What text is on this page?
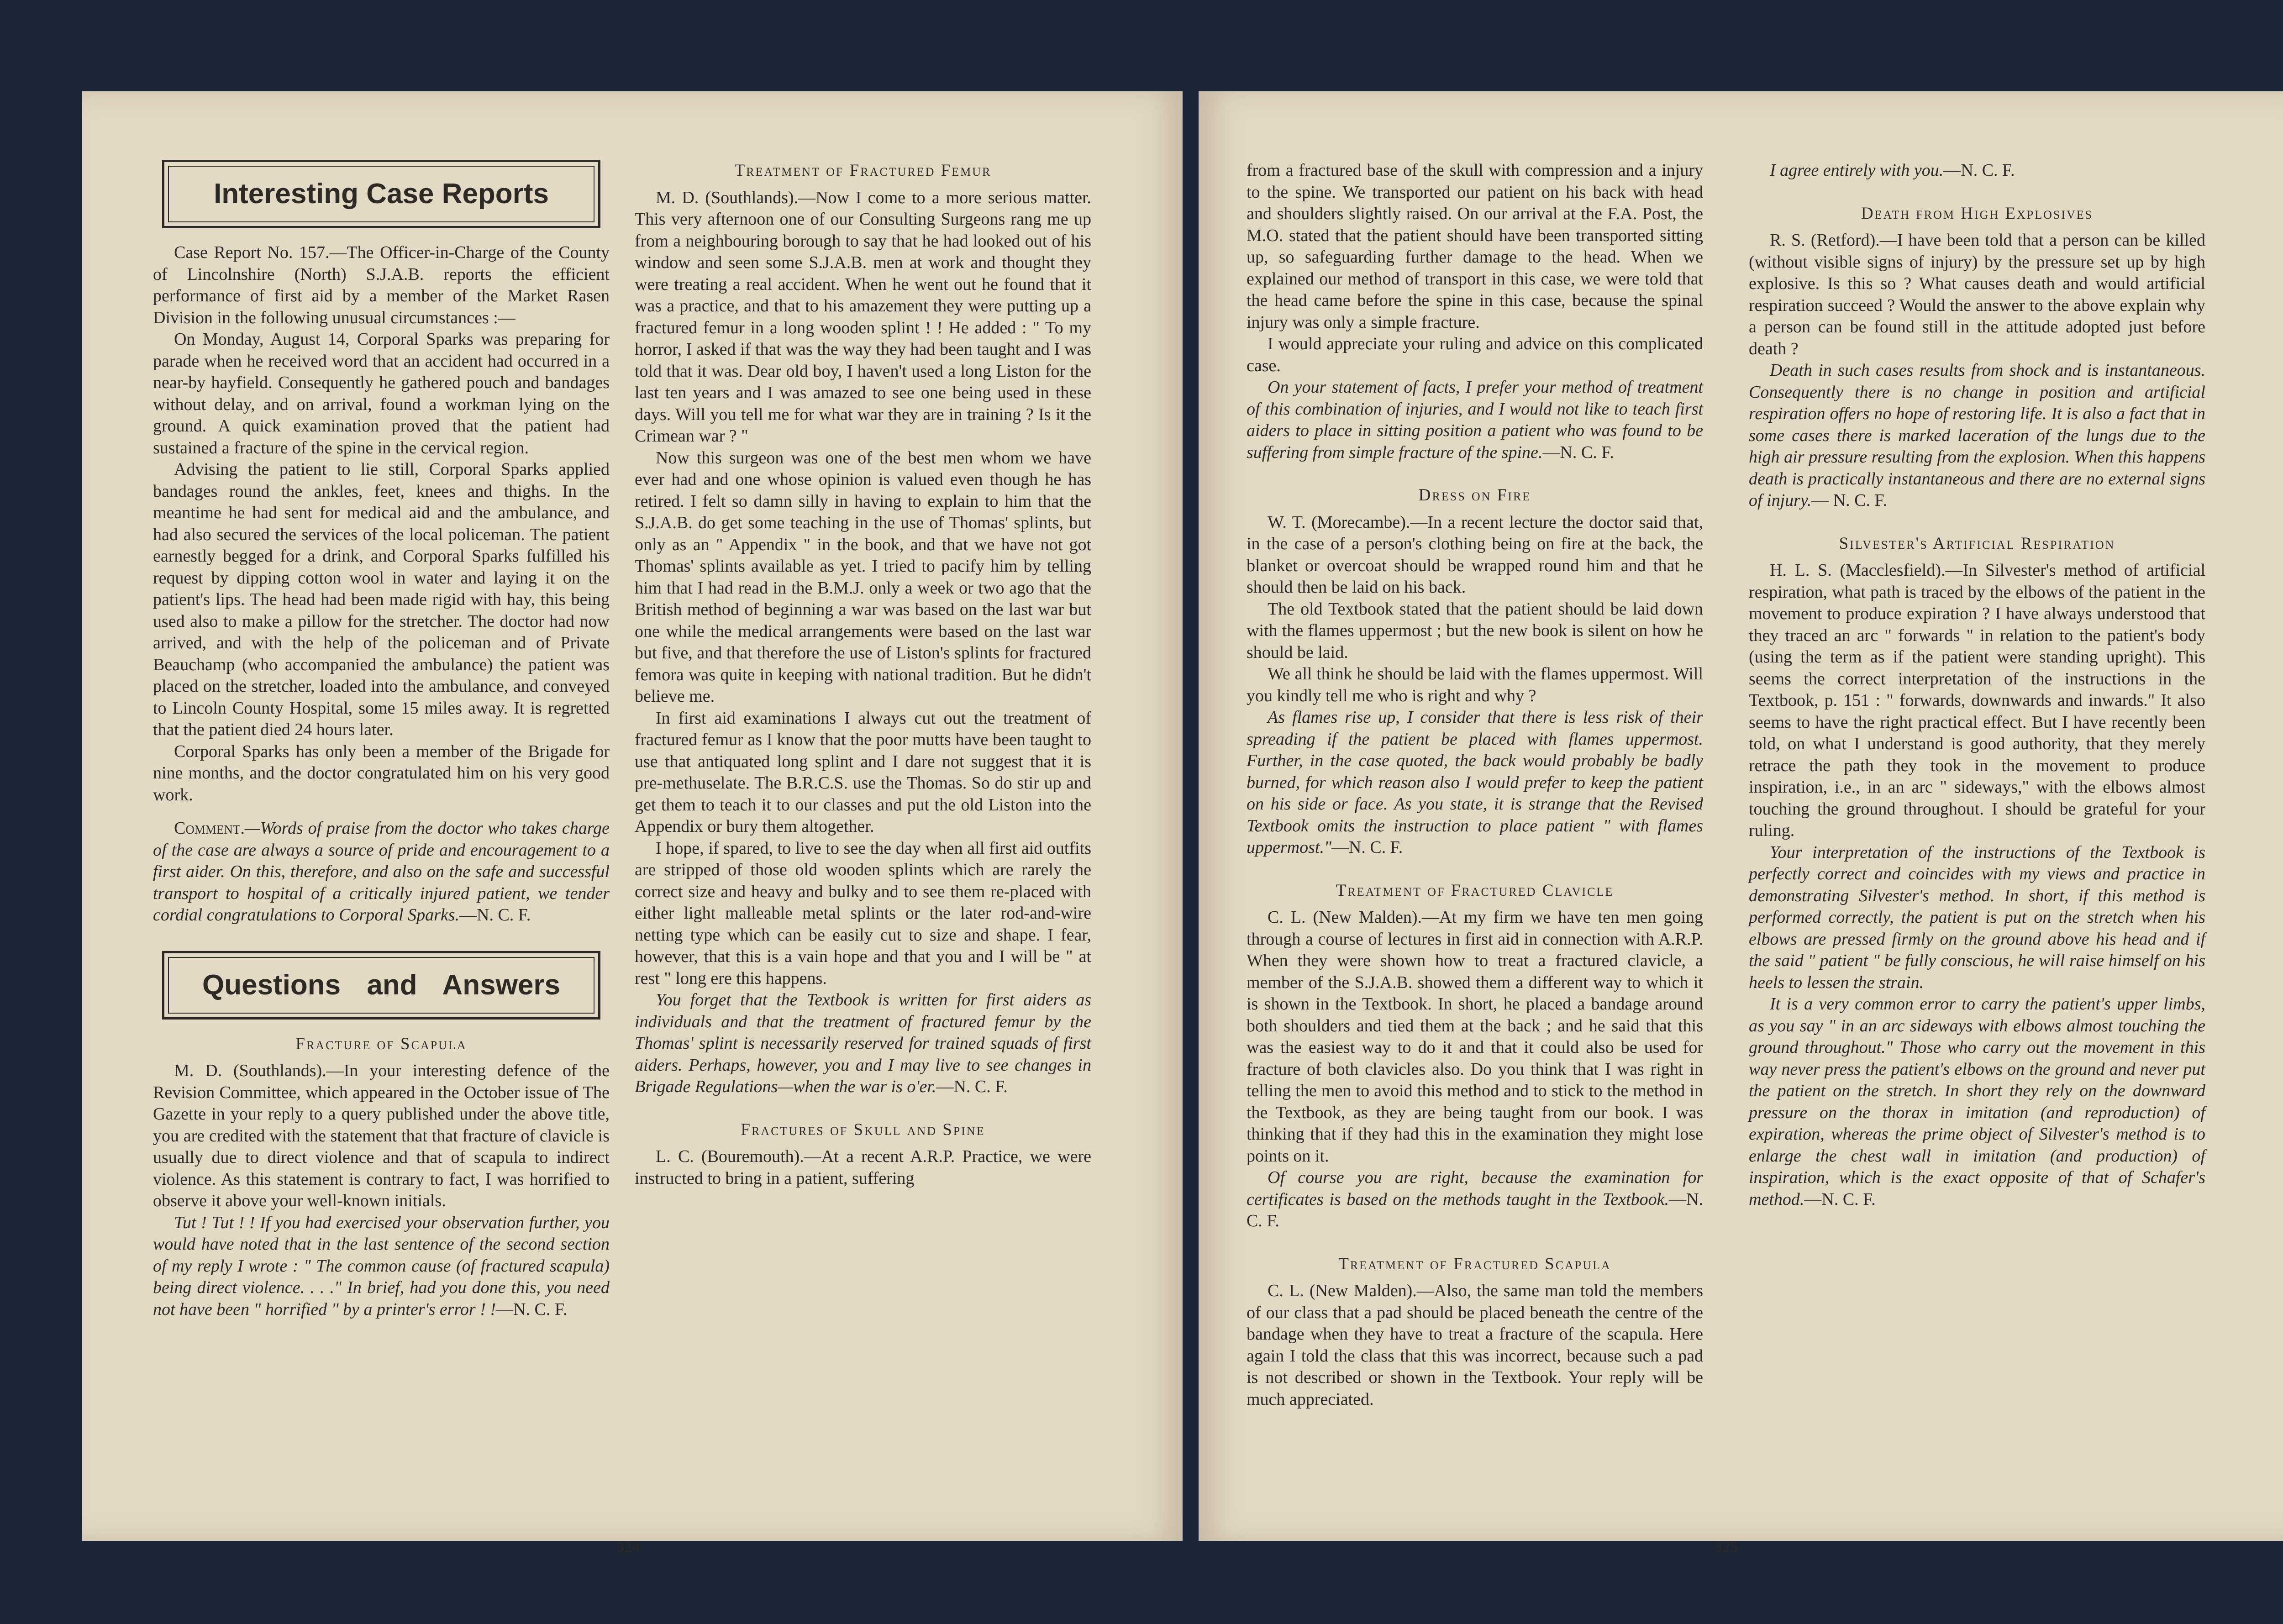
Interesting Case Reports

Case Report No. 157.—The Officer-in-Charge of the County of Lincolnshire (North) S.J.A.B. reports the efficient performance of first aid by a member of the Market Rasen Division in the following unusual circumstances :—

On Monday, August 14, Corporal Sparks was preparing for parade when he received word that an accident had occurred in a near-by hayfield. Consequently he gathered pouch and bandages without delay, and on arrival, found a workman lying on the ground. A quick examination proved that the patient had sustained a fracture of the spine in the cervical region.

Advising the patient to lie still, Corporal Sparks applied bandages round the ankles, feet, knees and thighs. In the meantime he had sent for medical aid and the ambulance, and had also secured the services of the local policeman. The patient earnestly begged for a drink, and Corporal Sparks fulfilled his request by dipping cotton wool in water and laying it on the patient's lips. The head had been made rigid with hay, this being used also to make a pillow for the stretcher. The doctor had now arrived, and with the help of the policeman and of Private Beauchamp (who accompanied the ambulance) the patient was placed on the stretcher, loaded into the ambulance, and conveyed to Lincoln County Hospital, some 15 miles away. It is regretted that the patient died 24 hours later.

Corporal Sparks has only been a member of the Brigade for nine months, and the doctor congratulated him on his very good work.

Comment.—Words of praise from the doctor who takes charge of the case are always a source of pride and encouragement to a first aider. On this, therefore, and also on the safe and successful transport to hospital of a critically injured patient, we tender cordial congratulations to Corporal Sparks.—N. C. F.

Questions and Answers

Fracture of Scapula

M. D. (Southlands).—In your interesting defence of the Revision Committee, which appeared in the October issue of The Gazette in your reply to a query published under the above title, you are credited with the statement that that fracture of clavicle is usually due to direct violence and that of scapula to indirect violence. As this statement is contrary to fact, I was horrified to observe it above your well-known initials.

Tut ! Tut ! ! If you had exercised your observation further, you would have noted that in the last sentence of the second section of my reply I wrote : " The common cause (of fractured scapula) being direct violence. . . ." In brief, had you done this, you need not have been " horrified " by a printer's error ! !—N. C. F.

Treatment of Fractured Femur

M. D. (Southlands).—Now I come to a more serious matter. This very afternoon one of our Consulting Surgeons rang me up from a neighbouring borough to say that he had looked out of his window and seen some S.J.A.B. men at work and thought they were treating a real accident. When he went out he found that it was a practice, and that to his amazement they were putting up a fractured femur in a long wooden splint ! ! He added : " To my horror, I asked if that was the way they had been taught and I was told that it was. Dear old boy, I haven't used a long Liston for the last ten years and I was amazed to see one being used in these days. Will you tell me for what war they are in training ? Is it the Crimean war ? "

Now this surgeon was one of the best men whom we have ever had and one whose opinion is valued even though he has retired. I felt so damn silly in having to explain to him that the S.J.A.B. do get some teaching in the use of Thomas' splints, but only as an " Appendix " in the book, and that we have not got Thomas' splints available as yet. I tried to pacify him by telling him that I had read in the B.M.J. only a week or two ago that the British method of beginning a war was based on the last war but one while the medical arrangements were based on the last war but five, and that therefore the use of Liston's splints for fractured femora was quite in keeping with national tradition. But he didn't believe me.

In first aid examinations I always cut out the treatment of fractured femur as I know that the poor mutts have been taught to use that antiquated long splint and I dare not suggest that it is pre-methuselate. The B.R.C.S. use the Thomas. So do stir up and get them to teach it to our classes and put the old Liston into the Appendix or bury them altogether.

I hope, if spared, to live to see the day when all first aid outfits are stripped of those old wooden splints which are rarely the correct size and heavy and bulky and to see them re-placed with either light malleable metal splints or the later rod-and-wire netting type which can be easily cut to size and shape. I fear, however, that this is a vain hope and that you and I will be " at rest " long ere this happens.

You forget that the Textbook is written for first aiders as individuals and that the treatment of fractured femur by the Thomas' splint is necessarily reserved for trained squads of first aiders. Perhaps, however, you and I may live to see changes in Brigade Regulations—when the war is o'er.—N. C. F.

Fractures of Skull and Spine

L. C. (Bouremouth).—At a recent A.R.P. Practice, we were instructed to bring in a patient, suffering

324

from a fractured base of the skull with compression and a injury to the spine. We transported our patient on his back with head and shoulders slightly raised. On our arrival at the F.A. Post, the M.O. stated that the patient should have been transported sitting up, so safeguarding further damage to the head. When we explained our method of transport in this case, we were told that the head came before the spine in this case, because the spinal injury was only a simple fracture.

I would appreciate your ruling and advice on this complicated case.

On your statement of facts, I prefer your method of treatment of this combination of injuries, and I would not like to teach first aiders to place in sitting position a patient who was found to be suffering from simple fracture of the spine.—N. C. F.

Dress on Fire

W. T. (Morecambe).—In a recent lecture the doctor said that, in the case of a person's clothing being on fire at the back, the blanket or overcoat should be wrapped round him and that he should then be laid on his back.

The old Textbook stated that the patient should be laid down with the flames uppermost ; but the new book is silent on how he should be laid.

We all think he should be laid with the flames uppermost. Will you kindly tell me who is right and why ?

As flames rise up, I consider that there is less risk of their spreading if the patient be placed with flames uppermost. Further, in the case quoted, the back would probably be badly burned, for which reason also I would prefer to keep the patient on his side or face. As you state, it is strange that the Revised Textbook omits the instruction to place patient " with flames uppermost."—N. C. F.

Treatment of Fractured Clavicle

C. L. (New Malden).—At my firm we have ten men going through a course of lectures in first aid in connection with A.R.P. When they were shown how to treat a fractured clavicle, a member of the S.J.A.B. showed them a different way to which it is shown in the Textbook. In short, he placed a bandage around both shoulders and tied them at the back ; and he said that this was the easiest way to do it and that it could also be used for fracture of both clavicles also. Do you think that I was right in telling the men to avoid this method and to stick to the method in the Textbook, as they are being taught from our book. I was thinking that if they had this in the examination they might lose points on it.

Of course you are right, because the examination for certificates is based on the methods taught in the Textbook.—N. C. F.

Treatment of Fractured Scapula

C. L. (New Malden).—Also, the same man told the members of our class that a pad should be placed beneath the centre of the bandage when they have to treat a fracture of the scapula. Here again I told the class that this was incorrect, because such a pad is not described or shown in the Textbook. Your reply will be much appreciated.

I agree entirely with you.—N. C. F.

Death from High Explosives

R. S. (Retford).—I have been told that a person can be killed (without visible signs of injury) by the pressure set up by high explosive. Is this so ? What causes death and would artificial respiration succeed ? Would the answer to the above explain why a person can be found still in the attitude adopted just before death ?

Death in such cases results from shock and is instantaneous. Consequently there is no change in position and artificial respiration offers no hope of restoring life. It is also a fact that in some cases there is marked laceration of the lungs due to the high air pressure resulting from the explosion. When this happens death is practically instantaneous and there are no external signs of injury.— N. C. F.

Silvester's Artificial Respiration

H. L. S. (Macclesfield).—In Silvester's method of artificial respiration, what path is traced by the elbows of the patient in the movement to produce expiration ? I have always understood that they traced an arc " forwards " in relation to the patient's body (using the term as if the patient were standing upright). This seems the correct interpretation of the instructions in the Textbook, p. 151 : " forwards, downwards and inwards." It also seems to have the right practical effect. But I have recently been told, on what I understand is good authority, that they merely retrace the path they took in the movement to produce inspiration, i.e., in an arc " sideways," with the elbows almost touching the ground throughout. I should be grateful for your ruling.

Your interpretation of the instructions of the Textbook is perfectly correct and coincides with my views and practice in demonstrating Silvester's method. In short, if this method is performed correctly, the patient is put on the stretch when his elbows are pressed firmly on the ground above his head and if the said " patient " be fully conscious, he will raise himself on his heels to lessen the strain.

It is a very common error to carry the patient's upper limbs, as you say " in an arc sideways with elbows almost touching the ground throughout." Those who carry out the movement in this way never press the patient's elbows on the ground and never put the patient on the stretch. In short they rely on the downward pressure on the thorax in imitation (and reproduction) of expiration, whereas the prime object of Silvester's method is to enlarge the chest wall in imitation (and production) of inspiration, which is the exact opposite of that of Schafer's method.—N. C. F.

325
